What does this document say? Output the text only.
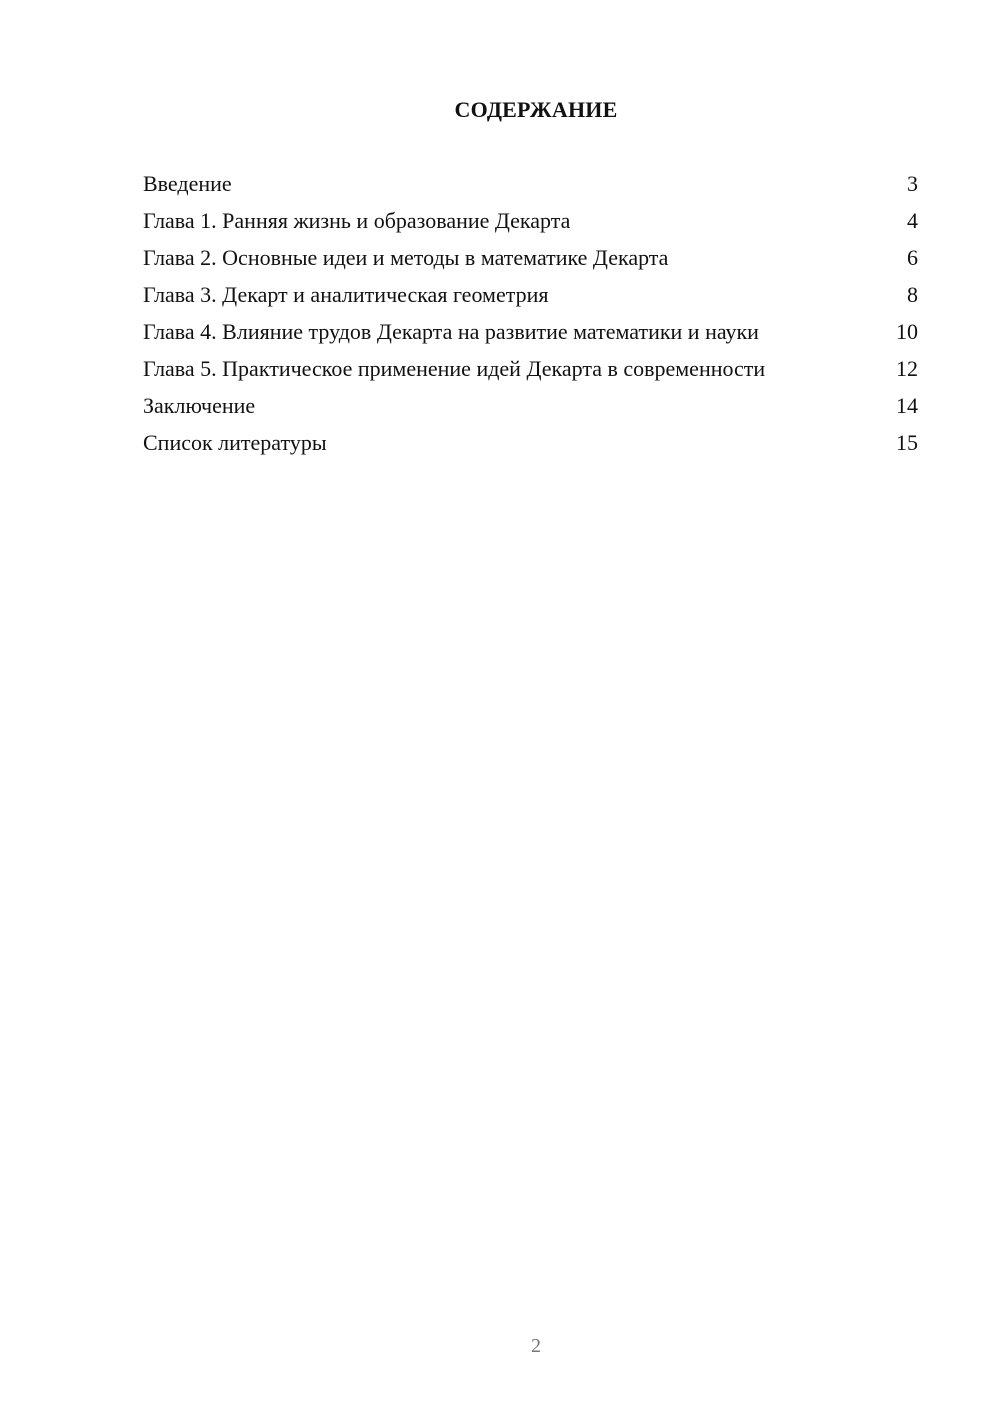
СОДЕРЖАНИЕ
Введение	3
Глава 1. Ранняя жизнь и образование Декарта	4
Глава 2. Основные идеи и методы в математике Декарта	6
Глава 3. Декарт и аналитическая геометрия	8
Глава 4. Влияние трудов Декарта на развитие математики и науки	10
Глава 5. Практическое применение идей Декарта в современности	12
Заключение	14
Список литературы	15
2
